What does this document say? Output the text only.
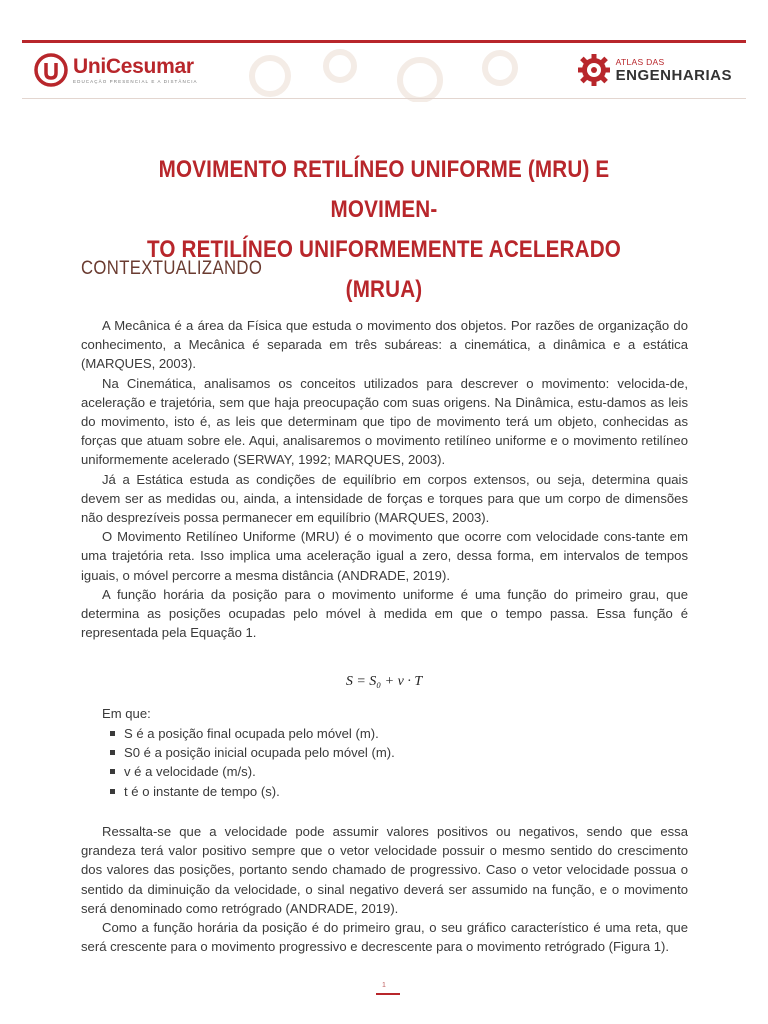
UniCesumar
EDUCAÇÃO PRESENCIAL E A DISTÂNCIA
ATLAS DAS
ENGENHARIAS
MOVIMENTO RETILÍNEO UNIFORME (MRU) E MOVIMEN-
TO RETILÍNEO UNIFORMEMENTE ACELERADO (MRUA)
CONTEXTUALIZANDO

A Mecânica é a área da Física que estuda o movimento dos objetos. Por razões de organização do conhecimento, a Mecânica é separada em três subáreas: a cinemática, a dinâmica e a estática (MARQUES, 2003).

Na Cinemática, analisamos os conceitos utilizados para descrever o movimento: velocida-de, aceleração e trajetória, sem que haja preocupação com suas origens. Na Dinâmica, estu-damos as leis do movimento, isto é, as leis que determinam que tipo de movimento terá um objeto, conhecidas as forças que atuam sobre ele. Aqui, analisaremos o movimento retilíneo uniforme e o movimento retilíneo uniformemente acelerado (SERWAY, 1992; MARQUES, 2003).

Já a Estática estuda as condições de equilíbrio em corpos extensos, ou seja, determina quais devem ser as medidas ou, ainda, a intensidade de forças e torques para que um corpo de dimensões não desprezíveis possa permanecer em equilíbrio (MARQUES, 2003).

O Movimento Retilíneo Uniforme (MRU) é o movimento que ocorre com velocidade cons-tante em uma trajetória reta. Isso implica uma aceleração igual a zero, dessa forma, em intervalos de tempos iguais, o móvel percorre a mesma distância (ANDRADE, 2019).

A função horária da posição para o movimento uniforme é uma função do primeiro grau, que determina as posições ocupadas pelo móvel à medida em que o tempo passa. Essa função é representada pela Equação 1.

S = S₀ + v · T
Em que:
S é a posição final ocupada pelo móvel (m).
S0 é a posição inicial ocupada pelo móvel (m).
v é a velocidade (m/s).
t é o instante de tempo (s).

Ressalta-se que a velocidade pode assumir valores positivos ou negativos, sendo que essa grandeza terá valor positivo sempre que o vetor velocidade possuir o mesmo sentido do crescimento dos valores das posições, portanto sendo chamado de progressivo. Caso o vetor velocidade possua o sentido da diminuição da velocidade, o sinal negativo deverá ser assumido na função, e o movimento será denominado como retrógrado (ANDRADE, 2019).

Como a função horária da posição é do primeiro grau, o seu gráfico característico é uma reta, que será crescente para o movimento progressivo e decrescente para o movimento retrógrado (Figura 1).

1
